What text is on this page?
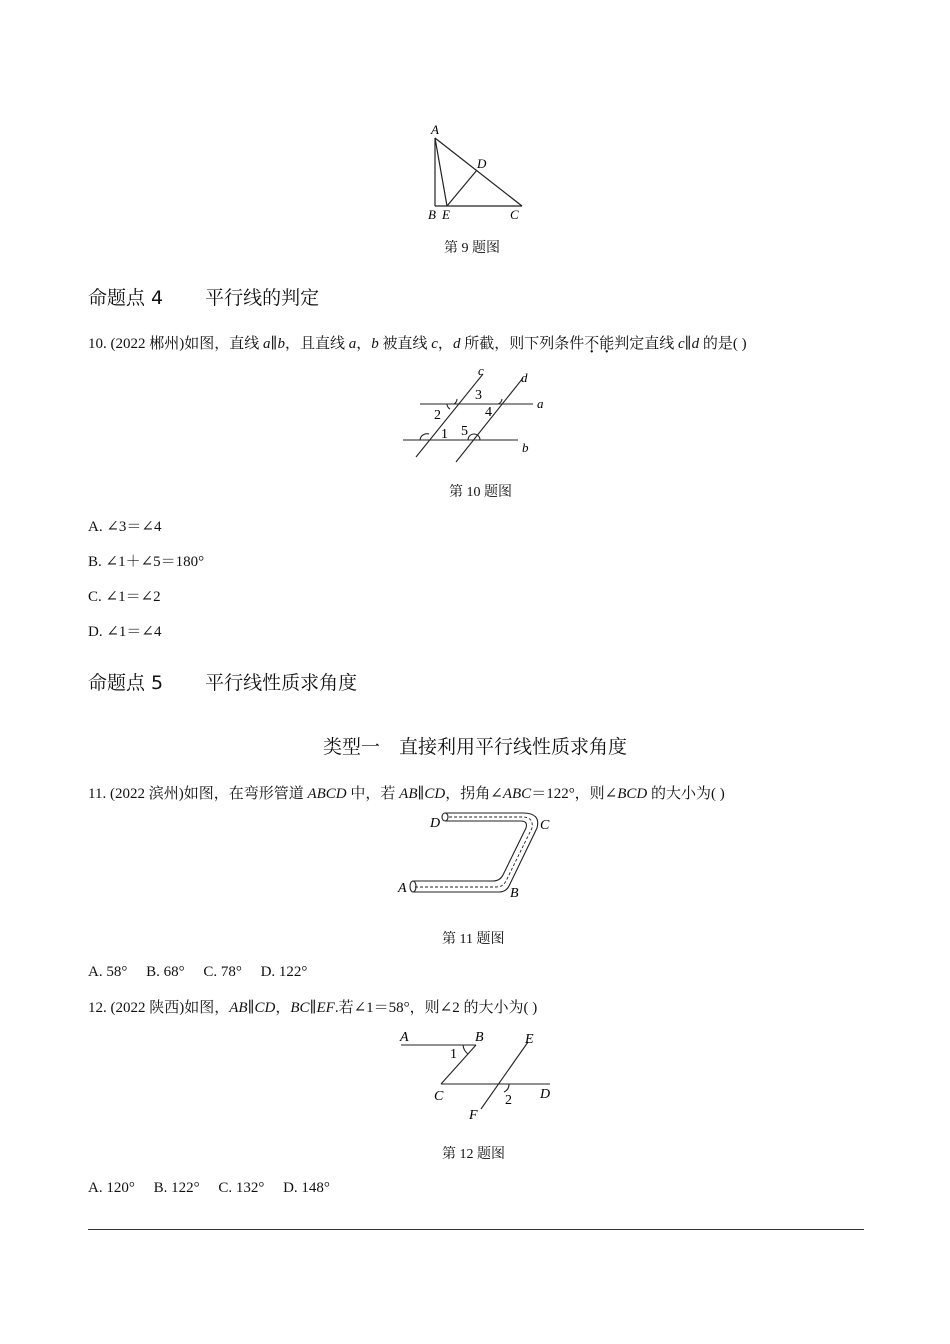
A
B E	C
D
第 9 题图
命题点 4 平行线的判定
10. (2022 郴州)如图，直线 a∥b，且直线 a，b 被直线 c，d 所截，则下列条件不能判定直线 c∥d 的是( )
c	d
a
b
3
2	4
1 5
第 10 题图
A. ∠3＝∠4
B. ∠1＋∠5＝180°
C. ∠1＝∠2
D. ∠1＝∠4
命题点 5 平行线性质求角度
类型一　直接利用平行线性质求角度
11. (2022 滨州)如图，在弯形管道 ABCD 中，若 AB∥CD，拐角∠ABC＝122°，则∠BCD 的大小为( )
D	C
A	B
第 11 题图
A. 58°　 B. 68°　 C. 78°　 D. 122°
12. (2022 陕西)如图，AB∥CD，BC∥EF.若∠1＝58°，则∠2 的大小为( )
A	B	E
C	D
F
1
2
第 12 题图
A. 120°　 B. 122°　 C. 132°　 D. 148°
